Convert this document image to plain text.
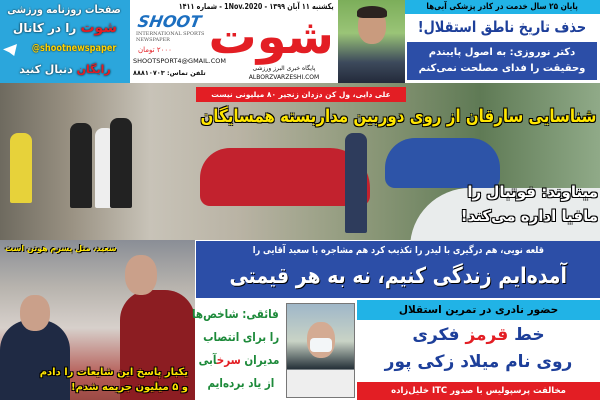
صفحات روزنامه ورزشی
شوت را در کانال
@shootnewspaper
رایگان دنبال کنید
یکشنبه ۱۱ آبان ۱۳۹۹ - 1Nov.2020 - شماره ۱۴۱۱
SHOOT
INTERNATIONAL SPORTS NEWSPAPER شوت
۲۰۰۰ تومان
SHOOTSPORT4@GMAIL.COM
تلفن تماس: ۸۸۸۱۰۷۰۳
پایگاه خبری البرز ورزشی
ALBORZVARZESHI.COM
پایان ۲۵ سال خدمت در کادر پزشکی آبی‌ها
حذف تاریخ ناطق استقلال!
دکتر نوروزی: به اصول پایبندم
وحقیقت را فدای مصلحت نمی‌کنم
علی دایی، ول کن دزدان زنجیر ۸۰ میلیونی نیست
شناسایی سارقان از روی دوربین مداربسته همسایگان
میناوند: فوتبال را
مافیا اداره می‌کند!
سعید، مثل پسرم هوتن است
یکبار پاسخ این شایعات را دادم
و ۵ میلیون جریمه شدم!
قلعه نویی، هم درگیری با لیدر را تکذیب کرد هم مشاجره با سعید آقایی را
آمده‌ایم زندگی کنیم، نه به هر قیمتی
فائقی: شاخص‌ها
را برای انتصاب
مدیران سرخآبی
از یاد برده‌ایم
حضور نادری در تمرین استقلال
خط قرمز فکری
روی نام میلاد زکی پور
مخالفت پرسپولیس با صدور ITC خلیل‌زاده
